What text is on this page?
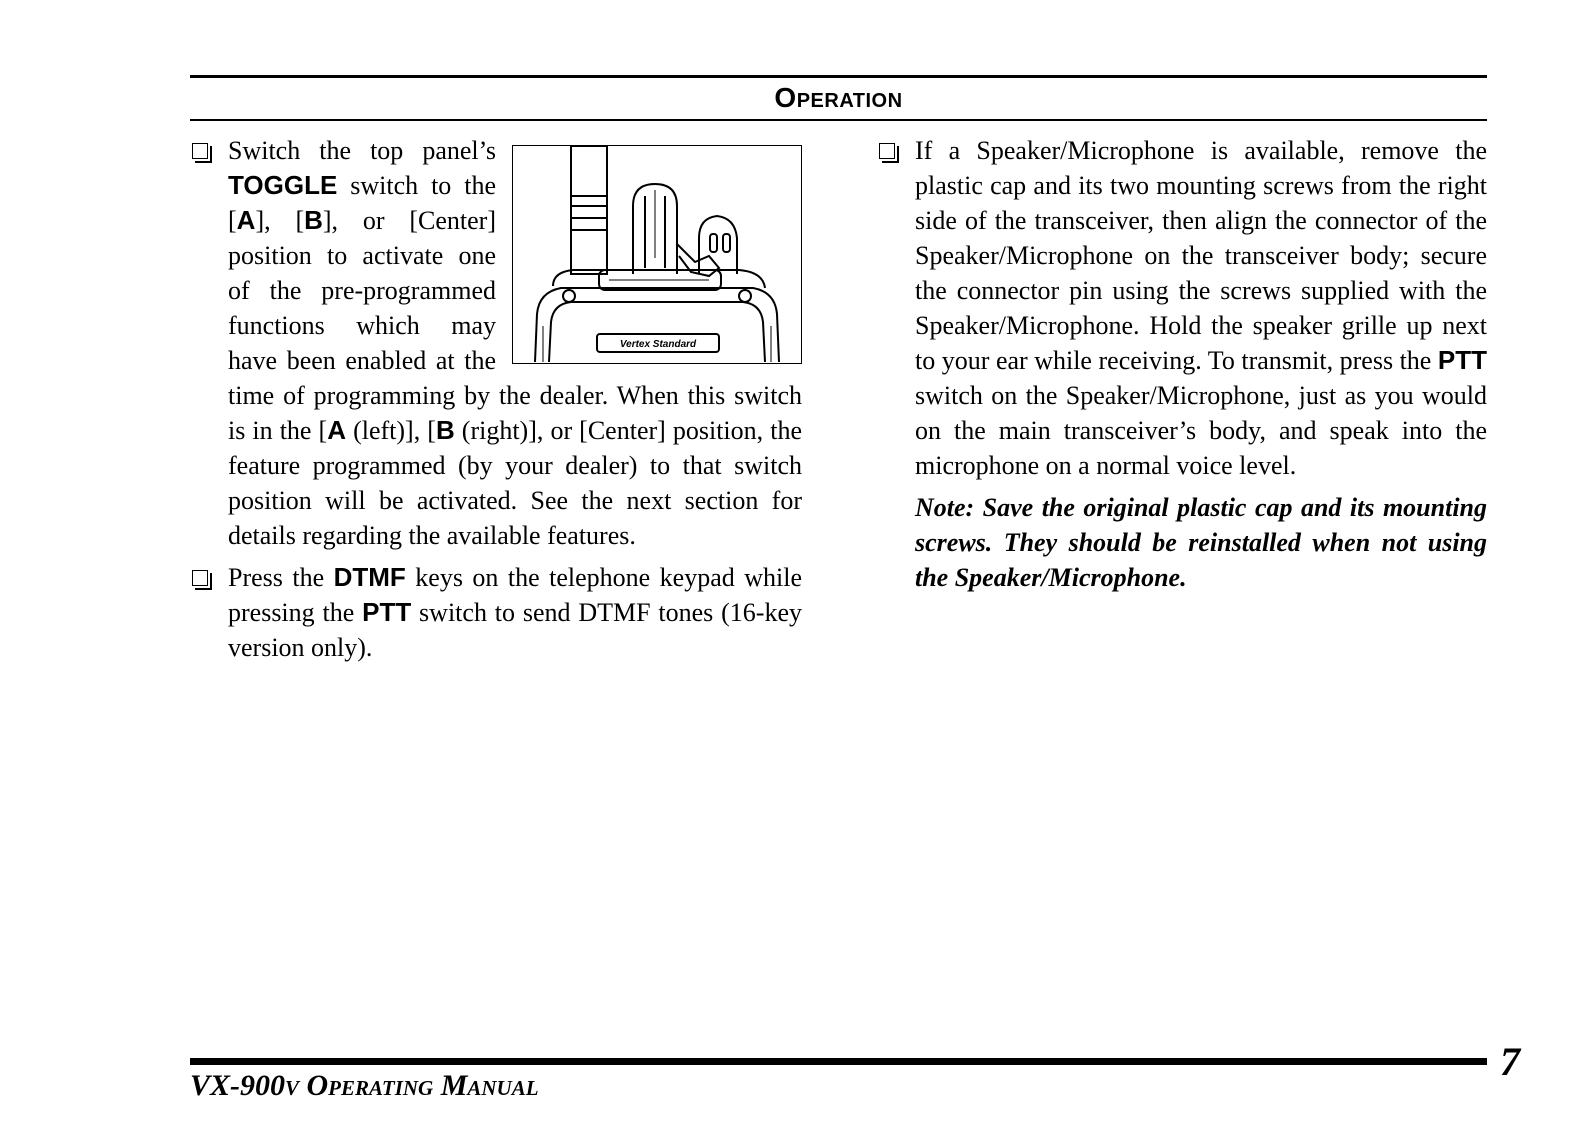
Operation
Vertex Standard
Switch the top panel’s TOGGLE switch to the [A], [B], or [Center] position to activate one of the pre-programmed functions which may have been enabled at the time of programming by the dealer. When this switch is in the [A (left)], [B (right)], or [Center] position, the feature programmed (by your dealer) to that switch position will be activated. See the next section for details regarding the available features.
Press the DTMF keys on the telephone keypad while pressing the PTT switch to send DTMF tones (16-key version only).
If a Speaker/Microphone is available, remove the plastic cap and its two mounting screws from the right side of the transceiver, then align the connector of the Speaker/Microphone on the transceiver body; secure the connector pin using the screws supplied with the Speaker/Microphone. Hold the speaker grille up next to your ear while receiving. To transmit, press the PTT switch on the Speaker/Microphone, just as you would on the main transceiver’s body, and speak into the microphone on a normal voice level.
Note: Save the original plastic cap and its mounting screws. They should be reinstalled when not using the Speaker/Microphone.
VX-900v Operating Manual
7
